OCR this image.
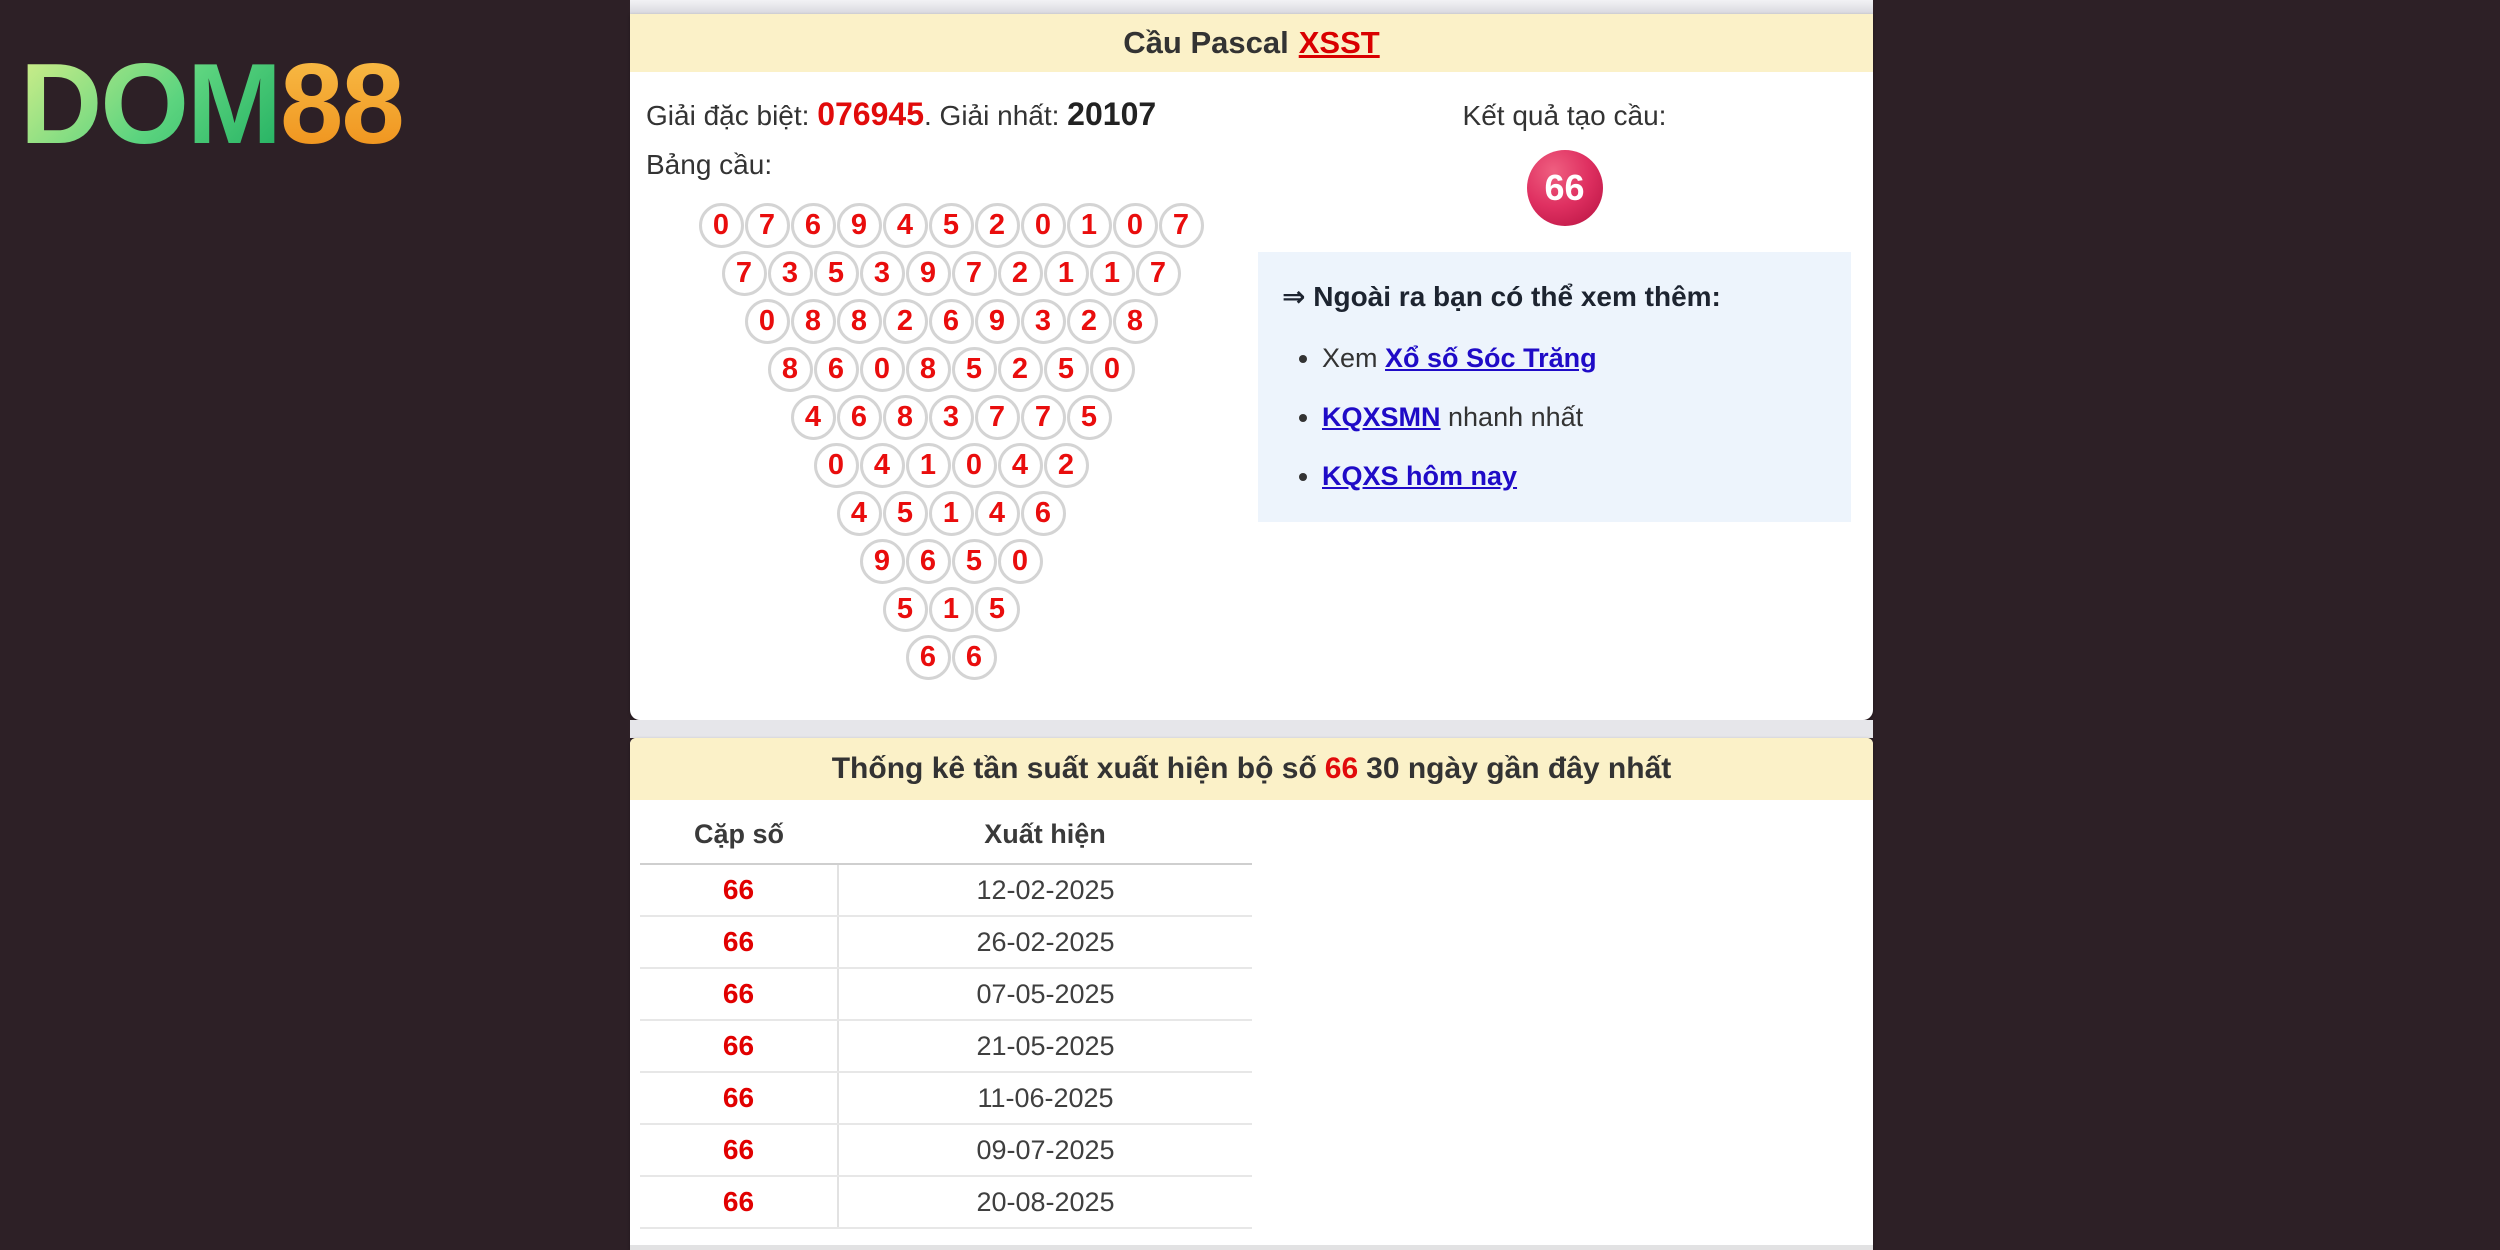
DOM88	Cầu Pascal XSST
Giải đặc biệt: 076945. Giải nhất: 20107
Bảng cầu:
0	7	6	9	4	5	2	0	1	0	7
7	3	5	3	9	7	2	1	1	7
0	8	8	2	6	9	3	2	8
8	6	0	8	5	2	5	0
4	6	8	3	7	7	5
0	4	1	0	4	2
4	5	1	4	6
9	6	5	0
5	1	5
6	6
Kết quả tạo cầu:
66
⇒ Ngoài ra bạn có thể xem thêm:
• Xem Xổ số Sóc Trăng
• KQXSMN nhanh nhất
• KQXS hôm nay
Thống kê tần suất xuất hiện bộ số 66 30 ngày gần đây nhất
Cặp số	Xuất hiện
66	12-02-2025
66	26-02-2025
66	07-05-2025
66	21-05-2025
66	11-06-2025
66	09-07-2025
66	20-08-2025
